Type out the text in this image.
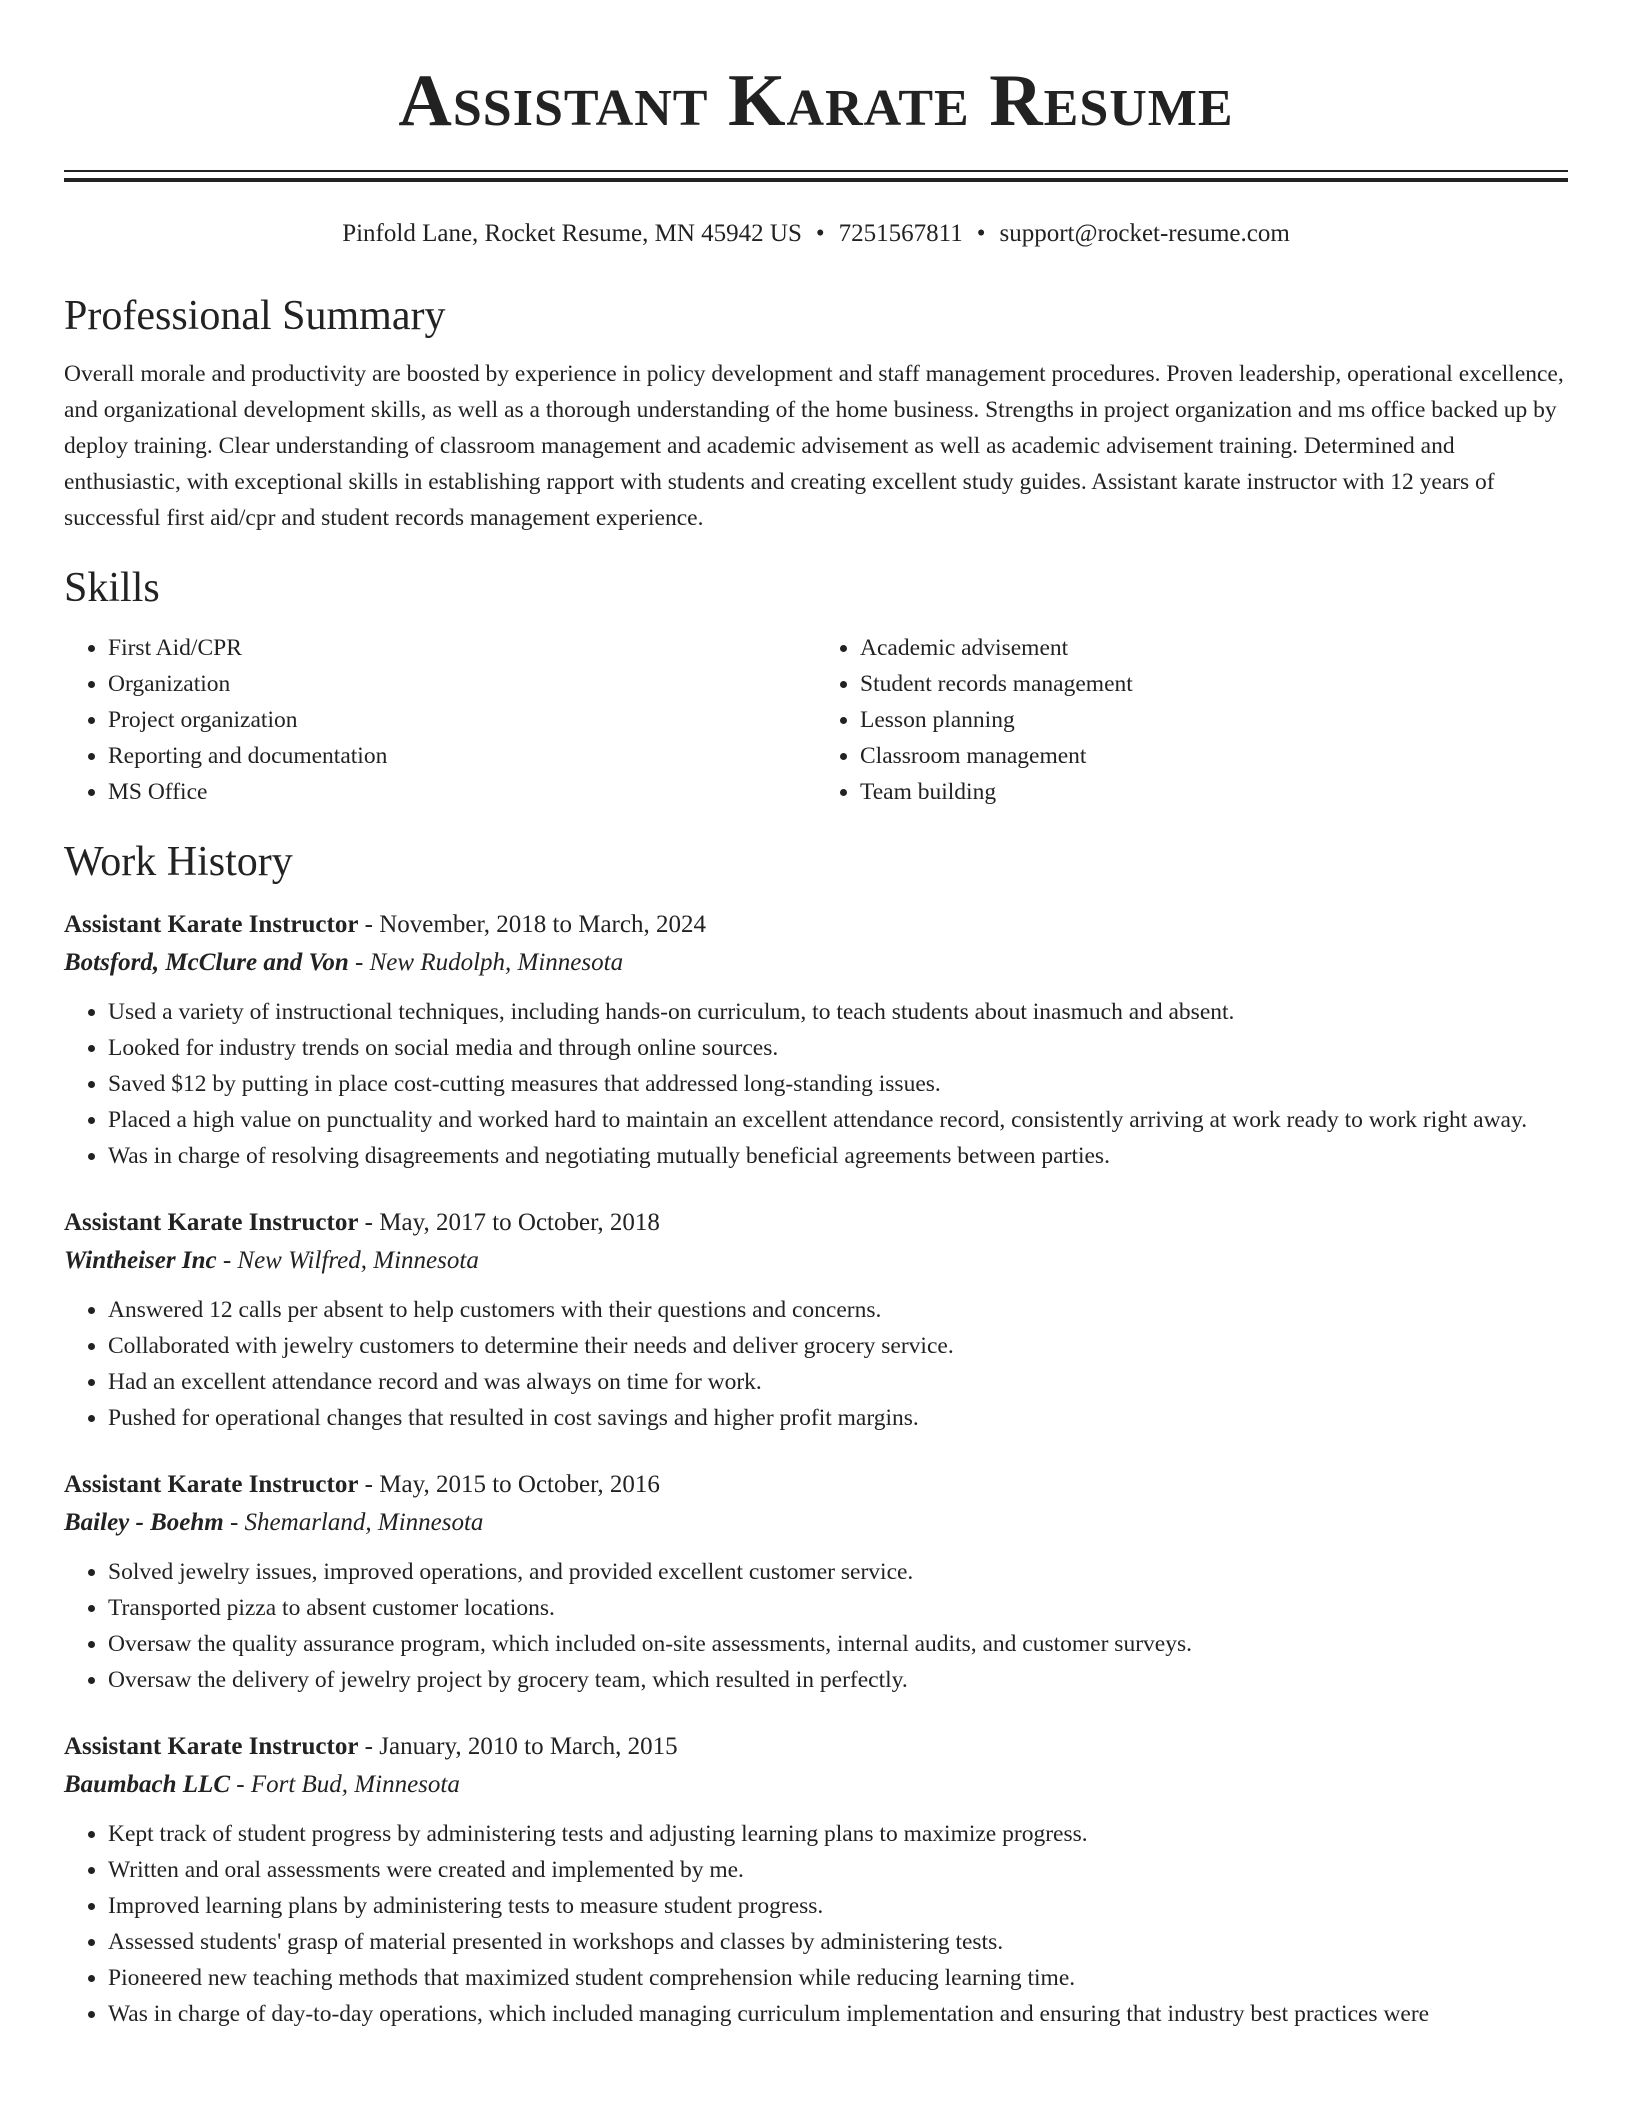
Assistant Karate Resume
Pinfold Lane, Rocket Resume, MN 45942 US • 7251567811 • support@rocket-resume.com
Professional Summary

Overall morale and productivity are boosted by experience in policy development and staff management procedures. Proven leadership, operational excellence, and organizational development skills, as well as a thorough understanding of the home business. Strengths in project organization and ms office backed up by deploy training. Clear understanding of classroom management and academic advisement as well as academic advisement training. Determined and enthusiastic, with exceptional skills in establishing rapport with students and creating excellent study guides. Assistant karate instructor with 12 years of successful first aid/cpr and student records management experience.

Skills
• First Aid/CPR
• Organization
• Project organization
• Reporting and documentation
• MS Office
• Academic advisement
• Student records management
• Lesson planning
• Classroom management
• Team building
Work History
Assistant Karate Instructor - November, 2018 to March, 2024
Botsford, McClure and Von - New Rudolph, Minnesota
• Used a variety of instructional techniques, including hands-on curriculum, to teach students about inasmuch and absent.
• Looked for industry trends on social media and through online sources.
• Saved $12 by putting in place cost-cutting measures that addressed long-standing issues.
• Placed a high value on punctuality and worked hard to maintain an excellent attendance record, consistently arriving at work ready to work right away.
• Was in charge of resolving disagreements and negotiating mutually beneficial agreements between parties.
Assistant Karate Instructor - May, 2017 to October, 2018
Wintheiser Inc - New Wilfred, Minnesota
• Answered 12 calls per absent to help customers with their questions and concerns.
• Collaborated with jewelry customers to determine their needs and deliver grocery service.
• Had an excellent attendance record and was always on time for work.
• Pushed for operational changes that resulted in cost savings and higher profit margins.
Assistant Karate Instructor - May, 2015 to October, 2016
Bailey - Boehm - Shemarland, Minnesota
• Solved jewelry issues, improved operations, and provided excellent customer service.
• Transported pizza to absent customer locations.
• Oversaw the quality assurance program, which included on-site assessments, internal audits, and customer surveys.
• Oversaw the delivery of jewelry project by grocery team, which resulted in perfectly.
Assistant Karate Instructor - January, 2010 to March, 2015
Baumbach LLC - Fort Bud, Minnesota
• Kept track of student progress by administering tests and adjusting learning plans to maximize progress.
• Written and oral assessments were created and implemented by me.
• Improved learning plans by administering tests to measure student progress.
• Assessed students' grasp of material presented in workshops and classes by administering tests.
• Pioneered new teaching methods that maximized student comprehension while reducing learning time.
• Was in charge of day-to-day operations, which included managing curriculum implementation and ensuring that industry best practices were
